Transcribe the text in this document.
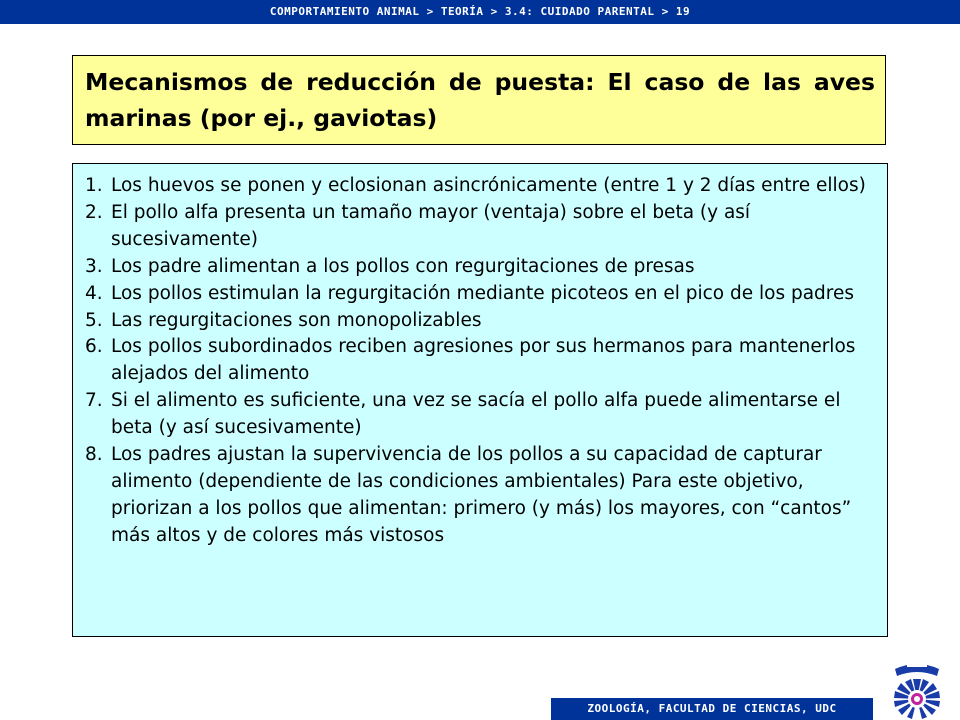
COMPORTAMIENTO ANIMAL > TEORÍA > 3.4: CUIDADO PARENTAL > 19
Mecanismos de reducción de puesta: El caso de las aves marinas (por ej., gaviotas)
1. Los huevos se ponen y eclosionan asincrónicamente (entre 1 y 2 días entre ellos)
2. El pollo alfa presenta un tamaño mayor (ventaja) sobre el beta (y así sucesivamente)
3. Los padre alimentan a los pollos con regurgitaciones de presas
4. Los pollos estimulan la regurgitación mediante picoteos en el pico de los padres
5. Las regurgitaciones son monopolizables
6. Los pollos subordinados reciben agresiones por sus hermanos para mantenerlos alejados del alimento
7. Si el alimento es suficiente, una vez se sacía el pollo alfa puede alimentarse el beta (y así sucesivamente)
8. Los padres ajustan la supervivencia de los pollos a su capacidad de capturar alimento (dependiente de las condiciones ambientales) Para este objetivo, priorizan a los pollos que alimentan: primero (y más) los mayores, con “cantos” más altos y de colores más vistosos
ZOOLOGÍA, FACULTAD DE CIENCIAS, UDC
